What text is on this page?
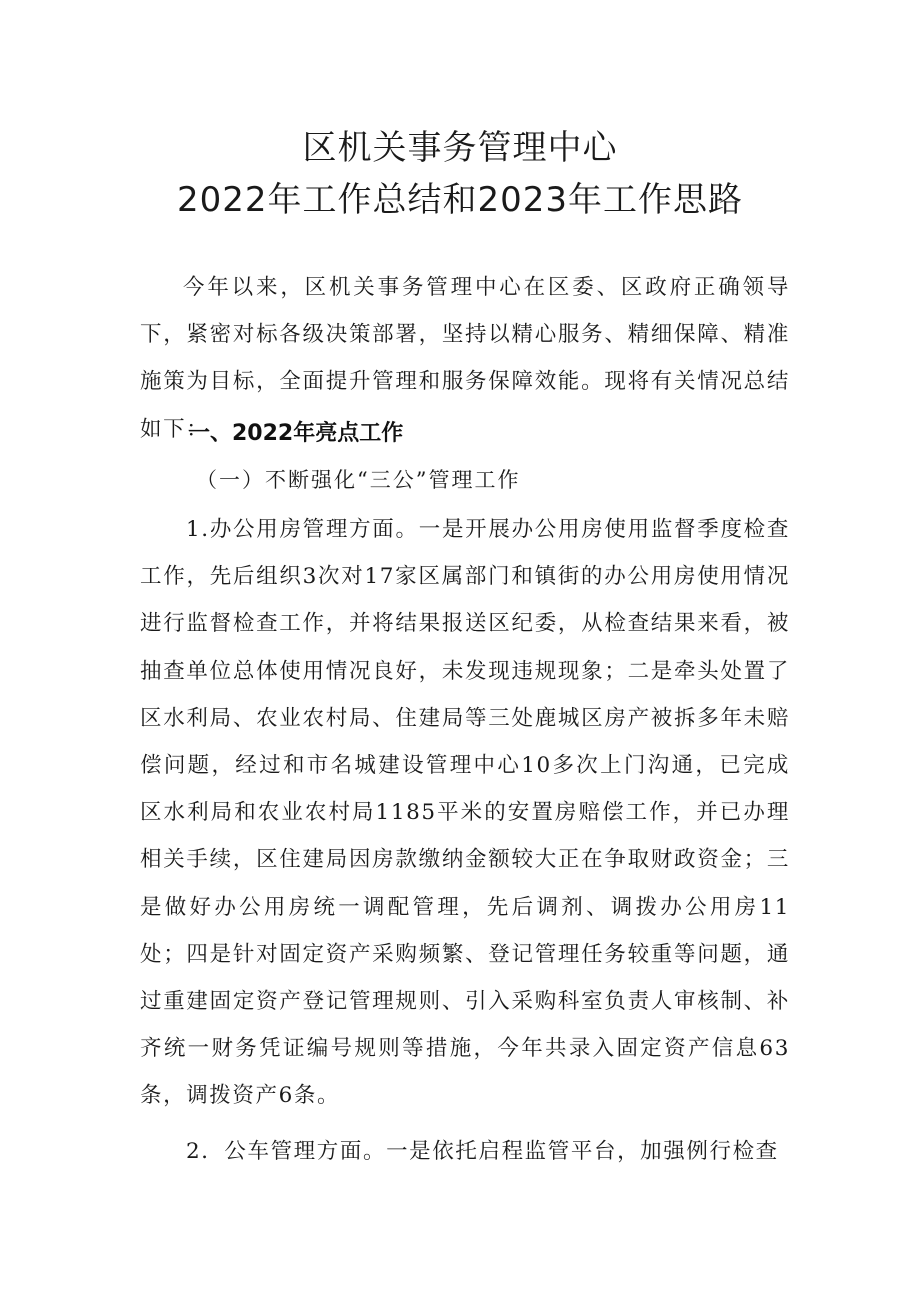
区机关事务管理中心
2022年工作总结和2023年工作思路
今年以来，区机关事务管理中心在区委、区政府正确领导下，紧密对标各级决策部署，坚持以精心服务、精细保障、精准施策为目标，全面提升管理和服务保障效能。现将有关情况总结如下：
一、2022年亮点工作
（一）不断强化“三公”管理工作
1.办公用房管理方面。一是开展办公用房使用监督季度检查工作，先后组织3次对17家区属部门和镇街的办公用房使用情况进行监督检查工作，并将结果报送区纪委，从检查结果来看，被抽查单位总体使用情况良好，未发现违规现象；二是牵头处置了区水利局、农业农村局、住建局等三处鹿城区房产被拆多年未赔偿问题，经过和市名城建设管理中心10多次上门沟通，已完成区水利局和农业农村局1185平米的安置房赔偿工作，并已办理相关手续，区住建局因房款缴纳金额较大正在争取财政资金；三是做好办公用房统一调配管理，先后调剂、调拨办公用房11处；四是针对固定资产采购频繁、登记管理任务较重等问题，通过重建固定资产登记管理规则、引入采购科室负责人审核制、补齐统一财务凭证编号规则等措施，今年共录入固定资产信息63条，调拨资产6条。
2．公车管理方面。一是依托启程监管平台，加强例行检查
